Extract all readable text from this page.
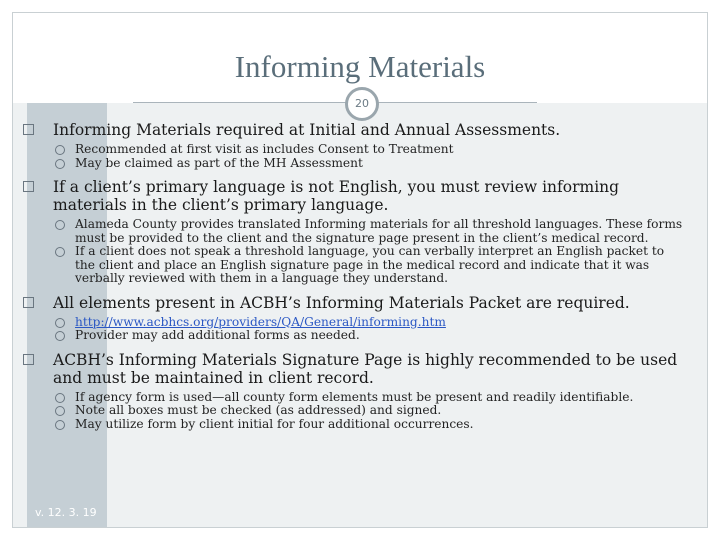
Informing Materials
20
Informing Materials required at Initial and Annual Assessments.
Recommended at first visit as includes Consent to Treatment
May be claimed as part of the MH Assessment
If a client’s primary language is not English, you must review informing materials in the client’s primary language.
Alameda County provides translated Informing materials for all threshold languages. These forms must be provided to the client and the signature page present in the client’s medical record.
If a client does not speak a threshold language, you can verbally interpret an English packet to the client and place an English signature page in the medical record and indicate that it was verbally reviewed with them in a language they understand.
All elements present in ACBH’s Informing Materials Packet are required.
http://www.acbhcs.org/providers/QA/General/informing.htm
Provider may add additional forms as needed.
ACBH’s Informing Materials Signature Page is highly recommended to be used and must be maintained in client record.
If agency form is used—all county form elements must be present and readily identifiable.
Note all boxes must be checked (as addressed) and signed.
May utilize form by client initial for four additional occurrences.
v. 12. 3. 19
